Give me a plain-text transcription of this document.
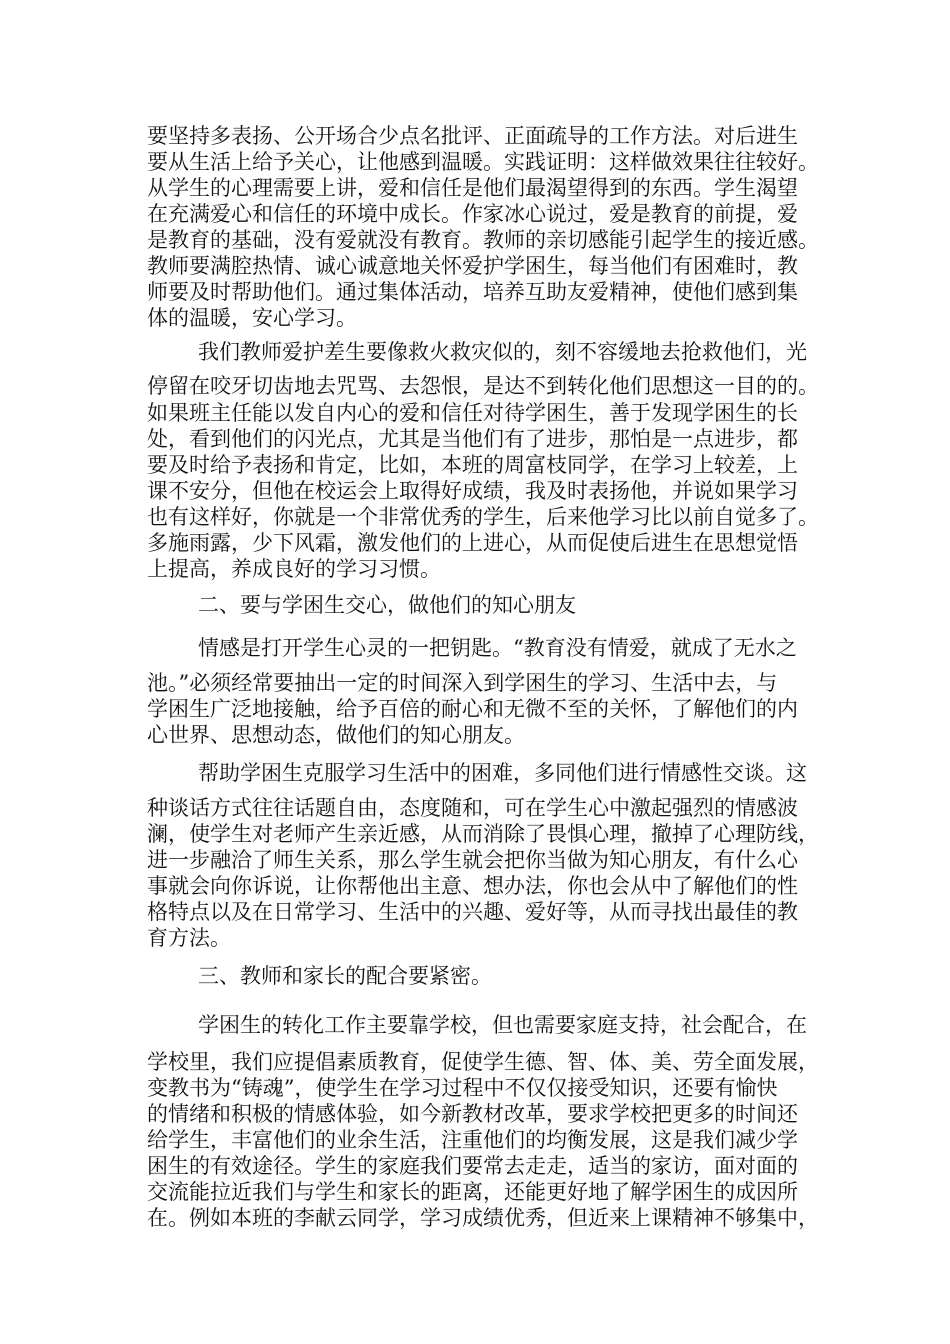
要坚持多表扬、公开场合少点名批评、正面疏导的工作方法。对后进生
要从生活上给予关心，让他感到温暖。实践证明：这样做效果往往较好。
从学生的心理需要上讲，爱和信任是他们最渴望得到的东西。学生渴望
在充满爱心和信任的环境中成长。作家冰心说过，爱是教育的前提，爱
是教育的基础，没有爱就没有教育。教师的亲切感能引起学生的接近感。
教师要满腔热情、诚心诚意地关怀爱护学困生，每当他们有困难时，教
师要及时帮助他们。通过集体活动，培养互助友爱精神，使他们感到集
体的温暖，安心学习。
我们教师爱护差生要像救火救灾似的，刻不容缓地去抢救他们，光
停留在咬牙切齿地去咒骂、去怨恨，是达不到转化他们思想这一目的的。
如果班主任能以发自内心的爱和信任对待学困生，善于发现学困生的长
处，看到他们的闪光点，尤其是当他们有了进步，那怕是一点进步，都
要及时给予表扬和肯定，比如，本班的周富枝同学，在学习上较差，上
课不安分，但他在校运会上取得好成绩，我及时表扬他，并说如果学习
也有这样好，你就是一个非常优秀的学生，后来他学习比以前自觉多了。
多施雨露，少下风霜，激发他们的上进心，从而促使后进生在思想觉悟
上提高，养成良好的学习习惯。
二、要与学困生交心，做他们的知心朋友
情感是打开学生心灵的一把钥匙。“教育没有情爱，就成了无水之
池。”必须经常要抽出一定的时间深入到学困生的学习、生活中去，与
学困生广泛地接触，给予百倍的耐心和无微不至的关怀，了解他们的内
心世界、思想动态，做他们的知心朋友。
帮助学困生克服学习生活中的困难，多同他们进行情感性交谈。这
种谈话方式往往话题自由，态度随和，可在学生心中激起强烈的情感波
澜，使学生对老师产生亲近感，从而消除了畏惧心理，撤掉了心理防线，
进一步融洽了师生关系，那么学生就会把你当做为知心朋友，有什么心
事就会向你诉说，让你帮他出主意、想办法，你也会从中了解他们的性
格特点以及在日常学习、生活中的兴趣、爱好等，从而寻找出最佳的教
育方法。
三、教师和家长的配合要紧密。
学困生的转化工作主要靠学校，但也需要家庭支持，社会配合，在
学校里，我们应提倡素质教育，促使学生德、智、体、美、劳全面发展，
变教书为“铸魂”，使学生在学习过程中不仅仅接受知识，还要有愉快
的情绪和积极的情感体验，如今新教材改革，要求学校把更多的时间还
给学生，丰富他们的业余生活，注重他们的均衡发展，这是我们减少学
困生的有效途径。学生的家庭我们要常去走走，适当的家访，面对面的
交流能拉近我们与学生和家长的距离，还能更好地了解学困生的成因所
在。例如本班的李献云同学，学习成绩优秀，但近来上课精神不够集中，
